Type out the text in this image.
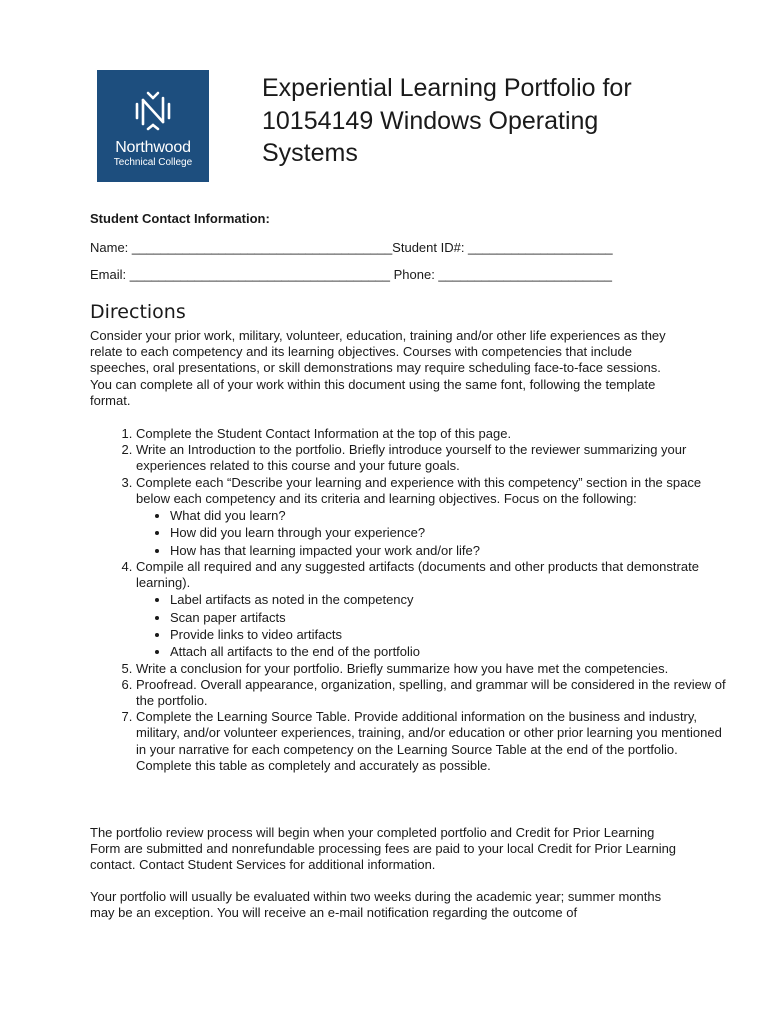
Northwood
Technical College
Experiential Learning Portfolio for 10154149 Windows Operating Systems

Student Contact Information:

Name: ____________________________________Student ID#: ____________________
Email: ____________________________________ Phone: ________________________
Directions

Consider your prior work, military, volunteer, education, training and/or other life experiences as they relate to each competency and its learning objectives. Courses with competencies that include speeches, oral presentations, or skill demonstrations may require scheduling face-to-face sessions. You can complete all of your work within this document using the same font, following the template format.

1. Complete the Student Contact Information at the top of this page.
2. Write an Introduction to the portfolio. Briefly introduce yourself to the reviewer summarizing your experiences related to this course and your future goals.
3. Complete each “Describe your learning and experience with this competency” section in the space below each competency and its criteria and learning objectives. Focus on the following:
• What did you learn?
• How did you learn through your experience?
• How has that learning impacted your work and/or life?
4. Compile all required and any suggested artifacts (documents and other products that demonstrate learning).
• Label artifacts as noted in the competency
• Scan paper artifacts
• Provide links to video artifacts
• Attach all artifacts to the end of the portfolio
5. Write a conclusion for your portfolio. Briefly summarize how you have met the competencies.
6. Proofread. Overall appearance, organization, spelling, and grammar will be considered in the review of the portfolio.
7. Complete the Learning Source Table. Provide additional information on the business and industry, military, and/or volunteer experiences, training, and/or education or other prior learning you mentioned in your narrative for each competency on the Learning Source Table at the end of the portfolio. Complete this table as completely and accurately as possible.

The portfolio review process will begin when your completed portfolio and Credit for Prior Learning Form are submitted and nonrefundable processing fees are paid to your local Credit for Prior Learning contact. Contact Student Services for additional information.

Your portfolio will usually be evaluated within two weeks during the academic year; summer months may be an exception. You will receive an e-mail notification regarding the outcome of
